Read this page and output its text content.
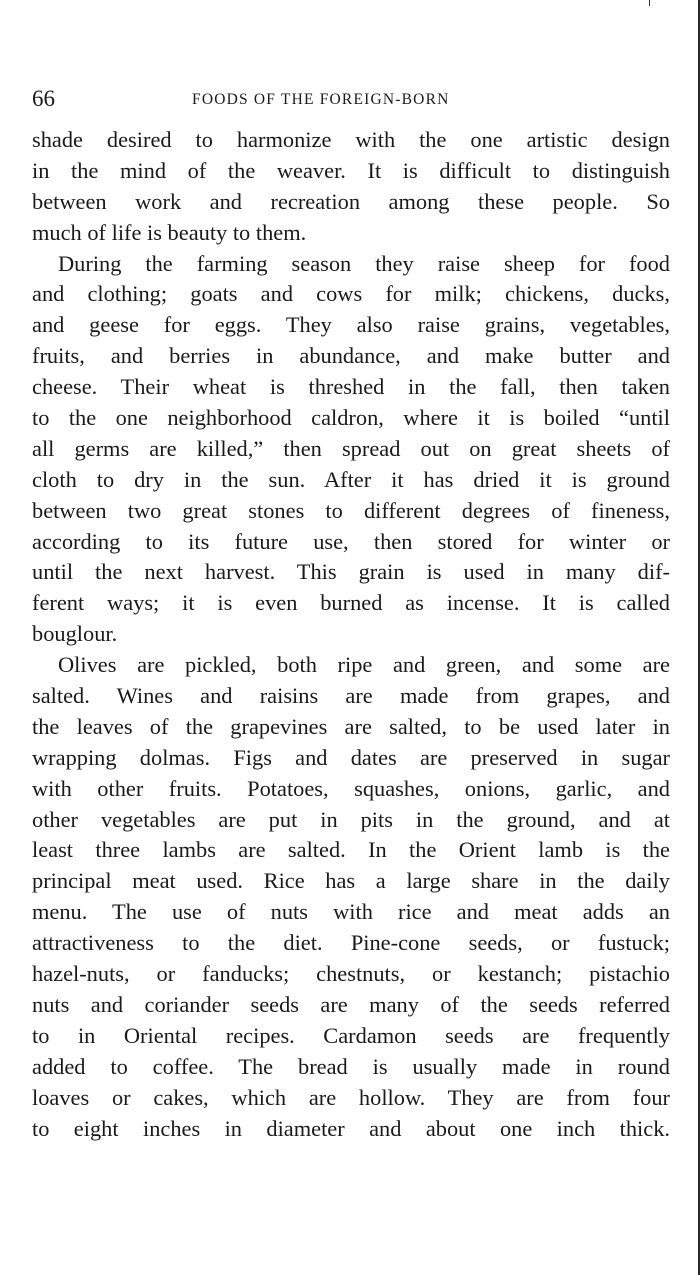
66	FOODS OF THE FOREIGN-BORN
shade desired to harmonize with the one artistic design
in the mind of the weaver. It is difficult to distinguish
between work and recreation among these people. So
much of life is beauty to them.
During the farming season they raise sheep for food
and clothing; goats and cows for milk; chickens, ducks,
and geese for eggs. They also raise grains, vegetables,
fruits, and berries in abundance, and make butter and
cheese. Their wheat is threshed in the fall, then taken
to the one neighborhood caldron, where it is boiled “until
all germs are killed,” then spread out on great sheets of
cloth to dry in the sun. After it has dried it is ground
between two great stones to different degrees of fineness,
according to its future use, then stored for winter or
until the next harvest. This grain is used in many dif-
ferent ways; it is even burned as incense. It is called
bouglour.
Olives are pickled, both ripe and green, and some are
salted. Wines and raisins are made from grapes, and
the leaves of the grapevines are salted, to be used later in
wrapping dolmas. Figs and dates are preserved in sugar
with other fruits. Potatoes, squashes, onions, garlic, and
other vegetables are put in pits in the ground, and at
least three lambs are salted. In the Orient lamb is the
principal meat used. Rice has a large share in the daily
menu. The use of nuts with rice and meat adds an
attractiveness to the diet. Pine-cone seeds, or fustuck;
hazel-nuts, or fanducks; chestnuts, or kestanch; pistachio
nuts and coriander seeds are many of the seeds referred
to in Oriental recipes. Cardamon seeds are frequently
added to coffee. The bread is usually made in round
loaves or cakes, which are hollow. They are from four
to eight inches in diameter and about one inch thick.
